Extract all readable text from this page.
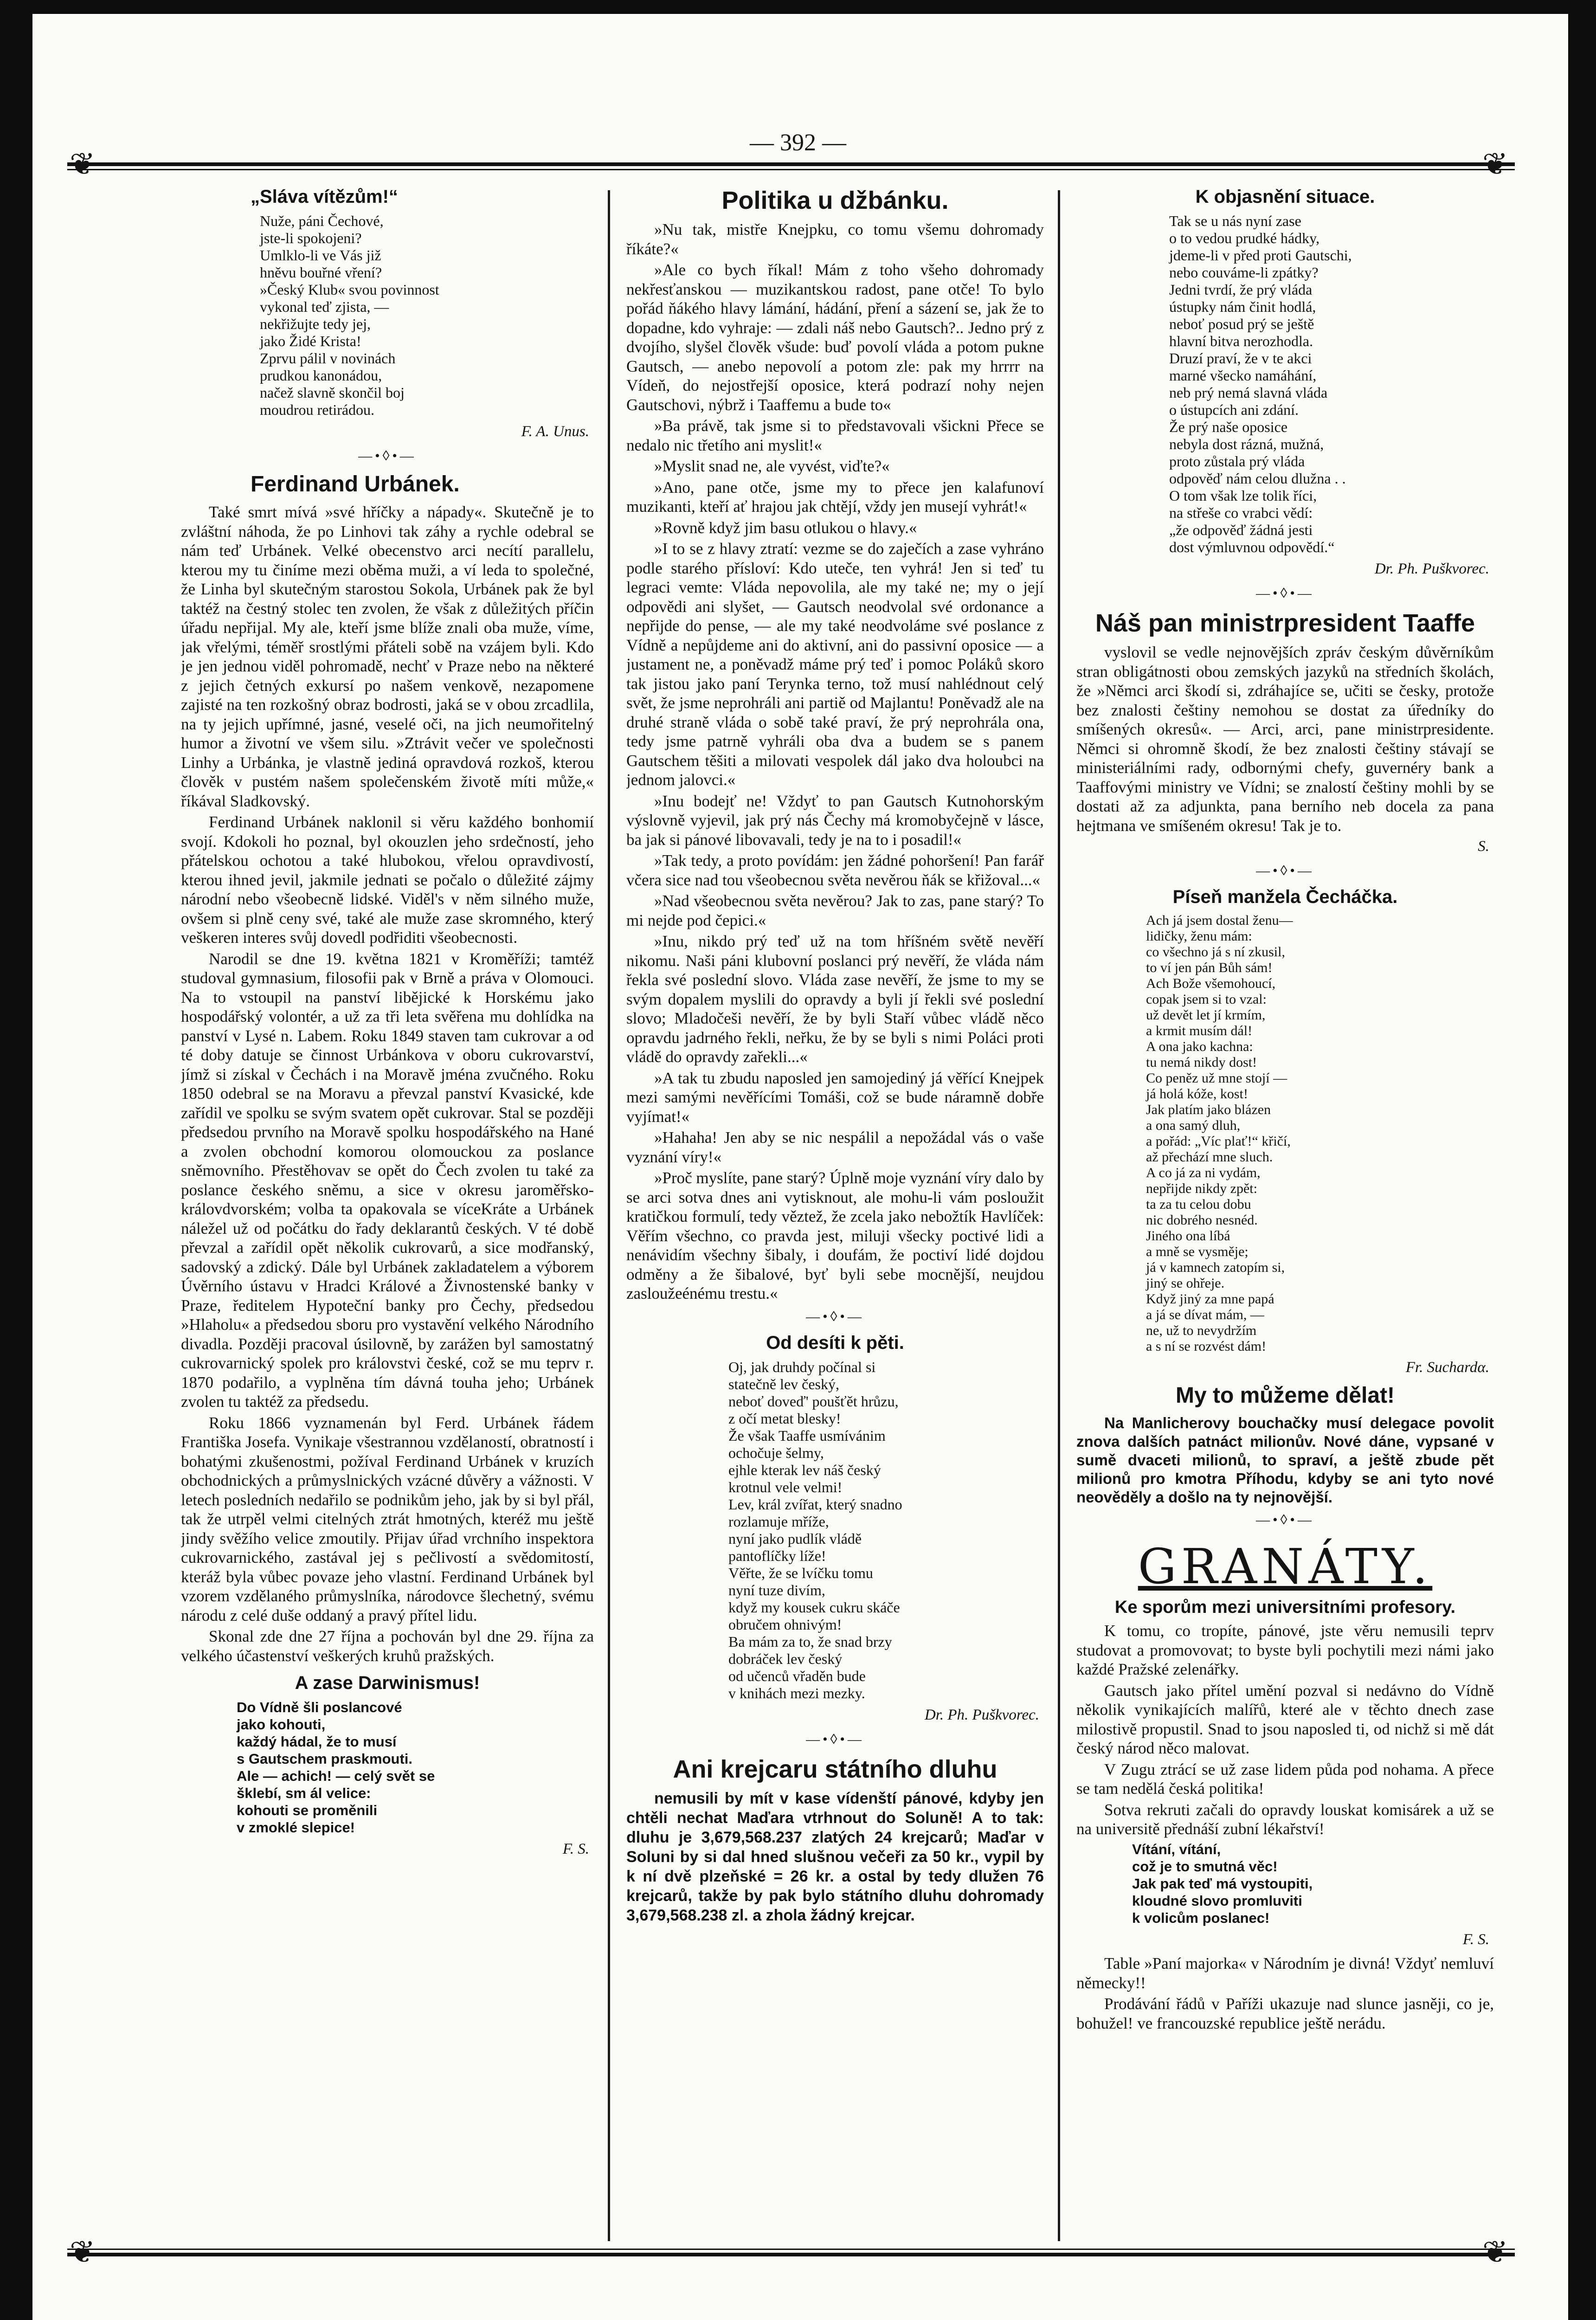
— 392 —
❦	❦
❦	❦
„Sláva vítězům!“
Nuže, páni Čechové,
jste-li spokojeni?
Umlklo-li ve Vás již
hněvu bouřné vření?
»Český Klub« svou povinnost
vykonal teď zjista, —
nekřižujte tedy jej,
jako Židé Krista!
Zprvu pálil v novinách
prudkou kanonádou,
načež slavně skončil boj
moudrou retirádou.
F. A. Unus.
—•◊•—
Ferdinand Urbánek.

Také smrt mívá »své hříčky a nápady«. Skutečně je to zvláštní náhoda, že po Linhovi tak záhy a rychle odebral se nám teď Urbánek. Velké obecenstvo arci necítí parallelu, kterou my tu činíme mezi oběma muži, a ví leda to společné, že Linha byl skutečným starostou Sokola, Urbánek pak že byl taktéž na čestný stolec ten zvolen, že však z důležitých příčin úřadu nepřijal. My ale, kteří jsme blíže znali oba muže, víme, jak vřelými, téměř srostlými přáteli sobě na vzájem byli. Kdo je jen jednou viděl pohromadě, nechť v Praze nebo na některé z jejich četných exkursí po našem venkově, nezapomene zajisté na ten rozkošný obraz bodrosti, jaká se v obou zrcadlila, na ty jejich upřímné, jasné, veselé oči, na jich neumořitelný humor a životní ve všem silu. »Ztrávit večer ve společnosti Linhy a Urbánka, je vlastně jediná opravdová rozkoš, kterou člověk v pustém našem společenském životě míti může,« říkával Sladkovský.

Ferdinand Urbánek naklonil si věru každého bonhomií svojí. Kdokoli ho poznal, byl okouzlen jeho srdečností, jeho přátelskou ochotou a také hlubokou, vřelou opravdivostí, kterou ihned jevil, jakmile jednati se počalo o důležité zájmy národní nebo všeobecně lidské. Viděl's v něm silného muže, ovšem si plně ceny své, také ale muže zase skromného, který veškeren interes svůj dovedl podřiditi všeobecnosti.

Narodil se dne 19. května 1821 v Kroměříži; tamtéž studoval gymnasium, filosofii pak v Brně a práva v Olomouci. Na to vstoupil na panství libějické k Horskému jako hospodářský volontér, a už za tři leta svěřena mu dohlídka na panství v Lysé n. Labem. Roku 1849 staven tam cukrovar a od té doby datuje se činnost Urbánkova v oboru cukrovarství, jímž si získal v Čechách i na Moravě jména zvučného. Roku 1850 odebral se na Moravu a převzal panství Kvasické, kde zařídil ve spolku se svým svatem opět cukrovar. Stal se později předsedou prvního na Moravě spolku hospodářského na Hané a zvolen obchodní komorou olomouckou za poslance sněmovního. Přestěhovav se opět do Čech zvolen tu také za poslance českého sněmu, a sice v okresu jaroměřsko-královdvorském; volba ta opakovala se víceKráte a Urbánek náležel už od počátku do řady deklarantů českých. V té době převzal a zařídil opět několik cukrovarů, a sice modřanský, sadovský a zdický. Dále byl Urbánek zakladatelem a výborem Úvěrního ústavu v Hradci Králové a Živnostenské banky v Praze, ředitelem Hypoteční banky pro Čechy, předsedou »Hlaholu« a předsedou sboru pro vystavění velkého Národního divadla. Později pracoval úsilovně, by zarážen byl samostatný cukrovarnický spolek pro královstvi české, což se mu teprv r. 1870 podařilo, a vyplněna tím dávná touha jeho; Urbánek zvolen tu taktéž za předsedu.

Roku 1866 vyznamenán byl Ferd. Urbánek řádem Františka Josefa. Vynikaje všestrannou vzdělaností, obratností i bohatými zkušenostmi, požíval Ferdinand Urbánek v kruzích obchodnických a průmyslnických vzácné důvěry a vážnosti. V letech posledních nedařilo se podnikům jeho, jak by si byl přál, tak že utrpěl velmi citelných ztrát hmotných, kteréž mu ještě jindy svěžího velice zmoutily. Přijav úřad vrchního inspektora cukrovarnického, zastával jej s pečlivostí a svědomitostí, kteráž byla vůbec povaze jeho vlastní. Ferdinand Urbánek byl vzorem vzdělaného průmyslníka, národovce šlechetný, svému národu z celé duše oddaný a pravý přítel lidu.

Skonal zde dne 27 října a pochován byl dne 29. října za velkého účastenství veškerých kruhů pražských.

A zase Darwinismus!
Do Vídně šli poslancové
jako kohouti,
každý hádal, že to musí
s Gautschem praskmouti.
Ale — achich! — celý svět se
šklebí, sm ál velice:
kohouti se proměnili
v zmoklé slepice!
F. S.
Politika u džbánku.

»Nu tak, mistře Knejpku, co tomu všemu dohromady říkáte?«

»Ale co bych říkal! Mám z toho všeho dohromady nekřesťanskou — muzikantskou radost, pane otče! To bylo pořád ňákého hlavy lámání, hádání, pření a sázení se, jak že to dopadne, kdo vyhraje: — zdali náš nebo Gautsch?.. Jedno prý z dvojího, slyšel člověk všude: buď povolí vláda a potom pukne Gautsch, — anebo nepovolí a potom zle: pak my hrrrr na Vídeň, do nejostřejší oposice, která podrazí nohy nejen Gautschovi, nýbrž i Taaffemu a bude to«

»Ba právě, tak jsme si to představovali všickni Přece se nedalo nic třetího ani myslit!«

»Myslit snad ne, ale vyvést, viďte?«

»Ano, pane otče, jsme my to přece jen kalafunoví muzikanti, kteří ať hrajou jak chtějí, vždy jen musejí vyhrát!«

»Rovně když jim basu otlukou o hlavy.«

»I to se z hlavy ztratí: vezme se do zaječích a zase vyhráno podle starého přísloví: Kdo uteče, ten vyhrá! Jen si teď tu legraci vemte: Vláda nepovolila, ale my také ne; my o její odpovědi ani slyšet, — Gautsch neodvolal své ordonance a nepřijde do pense, — ale my také neodvoláme své poslance z Vídně a nepůjdeme ani do aktivní, ani do passivní oposice — a justament ne, a poněvadž máme prý teď i pomoc Poláků skoro tak jistou jako paní Terynka terno, tož musí nahlédnout celý svět, že jsme neprohráli ani partiě od Majlantu! Poněvadž ale na druhé straně vláda o sobě také praví, že prý neprohrála ona, tedy jsme patrně vyhráli oba dva a budem se s panem Gautschem těšiti a milovati vespolek dál jako dva holoubci na jednom jalovci.«

»Inu bodejť ne! Vždyť to pan Gautsch Kutnohorským výslovně vyjevil, jak prý nás Čechy má kromobyčejně v lásce, ba jak si pánové libovavali, tedy je na to i posadil!«

»Tak tedy, a proto povídám: jen žádné pohoršení! Pan farář včera sice nad tou všeobecnou světa nevěrou ňák se křižoval...«

»Nad všeobecnou světa nevěrou? Jak to zas, pane starý? To mi nejde pod čepici.«

»Inu, nikdo prý teď už na tom hříšném světě nevěří nikomu. Naši páni klubovní poslanci prý nevěří, že vláda nám řekla své poslední slovo. Vláda zase nevěří, že jsme to my se svým dopalem myslili do opravdy a byli jí řekli své poslední slovo; Mladočeši nevěří, že by byli Staří vůbec vládě něco opravdu jadrného řekli, neřku, že by se byli s nimi Poláci proti vládě do opravdy zařekli...«

»A tak tu zbudu naposled jen samojediný já věřící Knejpek mezi samými nevěřícími Tomáši, což se bude náramně dobře vyjímat!«

»Hahaha! Jen aby se nic nespálil a nepožádal vás o vaše vyznání víry!«

»Proč myslíte, pane starý? Úplně moje vyznání víry dalo by se arci sotva dnes ani vytisknout, ale mohu-li vám posloužit kratičkou formulí, tedy věztež, že zcela jako nebožtík Havlíček: Věřím všechno, co pravda jest, miluji všecky poctivé lidi a nenávidím všechny šibaly, i doufám, že poctiví lidé dojdou odměny a že šibalové, byť byli sebe mocnější, neujdou zasloužeénému trestu.«

—•◊•—
Od desíti k pěti.
Oj, jak druhdy počínal si
statečně lev český,
neboť doveď' poušťět hrůzu,
z očí metat blesky!
Že však Taaffe usmívánim
ochočuje šelmy,
ejhle kterak lev náš český
krotnul vele velmi!
Lev, král zvířat, který snadno
rozlamuje mříže,
nyní jako pudlík vládě
pantoflíčky líže!
Věřte, že se lvíčku tomu
nyní tuze divím,
když my kousek cukru skáče
obručem ohnivým!
Ba mám za to, že snad brzy
dobráček lev český
od učenců vřaděn bude
v knihách mezi mezky.
Dr. Ph. Puškvorec.
—•◊•—
Ani krejcaru státního dluhu

nemusili by mít v kase vídenští pánové, kdyby jen chtěli nechat Maďara vtrhnout do Soluně! A to tak: dluhu je 3,679,568.237 zlatých 24 krejcarů; Maďar v Soluni by si dal hned slušnou večeři za 50 kr., vypil by k ní dvě plzeňské = 26 kr. a ostal by tedy dlužen 76 krejcarů, takže by pak bylo státního dluhu dohromady 3,679,568.238 zl. a zhola žádný krejcar.

K objasnění situace.
Tak se u nás nyní zase
o to vedou prudké hádky,
jdeme-li v před proti Gautschi,
nebo couváme-li zpátky?
Jedni tvrdí, že prý vláda
ústupky nám činit hodlá,
neboť posud prý se ještě
hlavní bitva nerozhodla.
Druzí praví, že v te akci
marné všecko namáhání,
neb prý nemá slavná vláda
o ústupcích ani zdání.
Že prý naše oposice
nebyla dost rázná, mužná,
proto zůstala prý vláda
odpověď nám celou dlužna . .
O tom však lze tolik říci,
na střeše co vrabci vědí:
„že odpověď žádná jesti
dost výmluvnou odpovědí.“
Dr. Ph. Puškvorec.
—•◊•—
Náš pan ministrpresident Taaffe

vyslovil se vedle nejnovějších zpráv českým důvěrníkům stran obligátnosti obou zemských jazyků na středních školách, že »Němci arci škodí si, zdráhajíce se, učiti se česky, protože bez znalosti češtiny nemohou se dostat za úředníky do smíšených okresů«. — Arci, arci, pane ministrpresidente. Němci si ohromně škodí, že bez znalosti češtiny stávají se ministeriálními rady, odbornými chefy, guvernéry bank a Taaffovými ministry ve Vídni; se znalostí češtiny mohli by se dostati až za adjunkta, pana berního neb docela za pana hejtmana ve smíšeném okresu! Tak je to.

S.
—•◊•—
Píseň manžela Čecháčka.
Ach já jsem dostal ženu—
lidičky, ženu mám:
co všechno já s ní zkusil,
to ví jen pán Bůh sám!
Ach Bože všemohoucí,
copak jsem si to vzal:
už devět let jí krmím,
a krmit musím dál!
A ona jako kachna:
tu nemá nikdy dost!
Co peněz už mne stojí —
já holá kóže, kost!
Jak platím jako blázen
a ona samý dluh,
a pořád: „Víc plať!“ křičí,
až přechází mne sluch.
A co já za ni vydám,
nepřijde nikdy zpět:
ta za tu celou dobu
nic dobrého nesnéd.
Jiného ona líbá
a mně se vysměje;
já v kamnech zatopím si,
jiný se ohřeje.
Když jiný za mne papá
a já se dívat mám, —
ne, už to nevydržím
a s ní se rozvést dám!
Fr. Suchardα.
My to můžeme dělat!

Na Manlicherovy bouchačky musí delegace povolit znova dalších patnáct milionův. Nové dáne, vypsané v sumě dvaceti milionů, to spraví, a ještě zbude pět milionů pro kmotra Příhodu, kdyby se ani tyto nové neověděly a došlo na ty nejnovější.

—•◊•—
GRANÁTY.
Ke sporům mezi universitními profesory.

K tomu, co tropíte, pánové, jste věru nemusili teprv studovat a promovovat; to byste byli pochytili mezi námi jako každé Pražské zelenářky.

Gautsch jako přítel umění pozval si nedávno do Vídně několik vynikajících malířů, které ale v těchto dnech zase milostivě propustil. Snad to jsou naposled ti, od nichž si mě dát český národ něco malovat.

V Zugu ztrácí se už zase lidem půda pod nohama. A přece se tam nedělá česká politika!

Sotva rekruti začali do opravdy louskat komisárek a už se na universitě přednáší zubní lékařství!

Vítání, vítání,
což je to smutná věc!
Jak pak teď má vystoupiti,
kloudné slovo promluviti
k volicům poslanec!
F. S.

Table »Paní majorka« v Národním je divná! Vždyť nemluví německy!!

Prodávání řádů v Paříži ukazuje nad slunce jasněji, co je, bohužel! ve francouzské republice ještě nerádu.
